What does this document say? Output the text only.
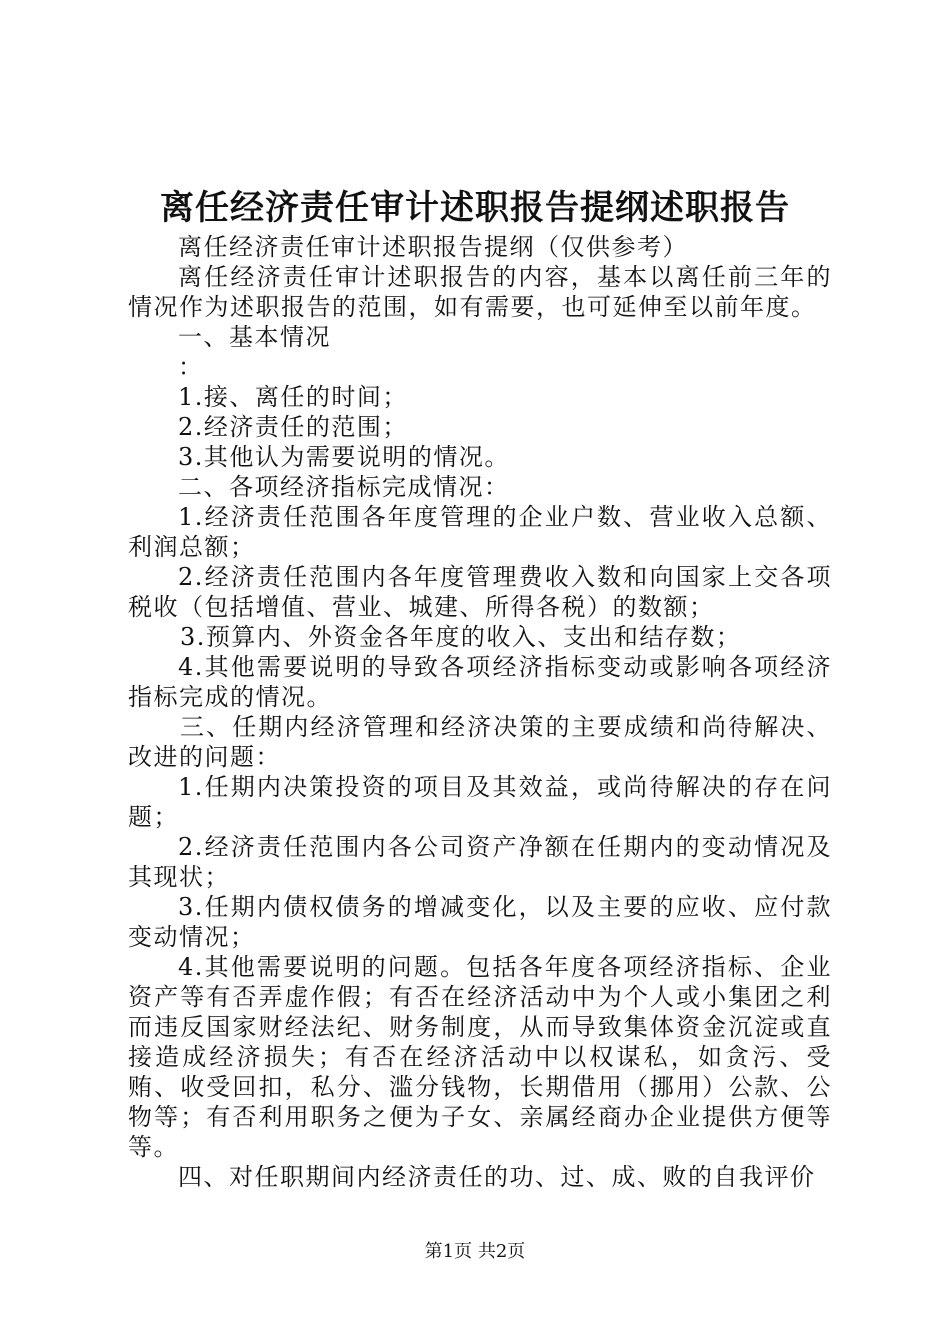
离任经济责任审计述职报告提纲述职报告

离任经济责任审计述职报告提纲（仅供参考）

离任经济责任审计述职报告的内容，基本以离任前三年的情况作为述职报告的范围，如有需要，也可延伸至以前年度。

一、基本情况

：

1.接、离任的时间；

2.经济责任的范围；

3.其他认为需要说明的情况。

二、各项经济指标完成情况：

1.经济责任范围各年度管理的企业户数、营业收入总额、利润总额；

2.经济责任范围内各年度管理费收入数和向国家上交各项税收（包括增值、营业、城建、所得各税）的数额；

3.预算内、外资金各年度的收入、支出和结存数；

4.其他需要说明的导致各项经济指标变动或影响各项经济指标完成的情况。

三、任期内经济管理和经济决策的主要成绩和尚待解决、改进的问题：

1.任期内决策投资的项目及其效益，或尚待解决的存在问题；

2.经济责任范围内各公司资产净额在任期内的变动情况及其现状；

3.任期内债权债务的增减变化，以及主要的应收、应付款变动情况；

4.其他需要说明的问题。包括各年度各项经济指标、企业资产等有否弄虚作假；有否在经济活动中为个人或小集团之利而违反国家财经法纪、财务制度，从而导致集体资金沉淀或直接造成经济损失；有否在经济活动中以权谋私，如贪污、受贿、收受回扣，私分、滥分钱物，长期借用（挪用）公款、公物等；有否利用职务之便为子女、亲属经商办企业提供方便等等。

四、对任职期间内经济责任的功、过、成、败的自我评价

第1页 共2页
